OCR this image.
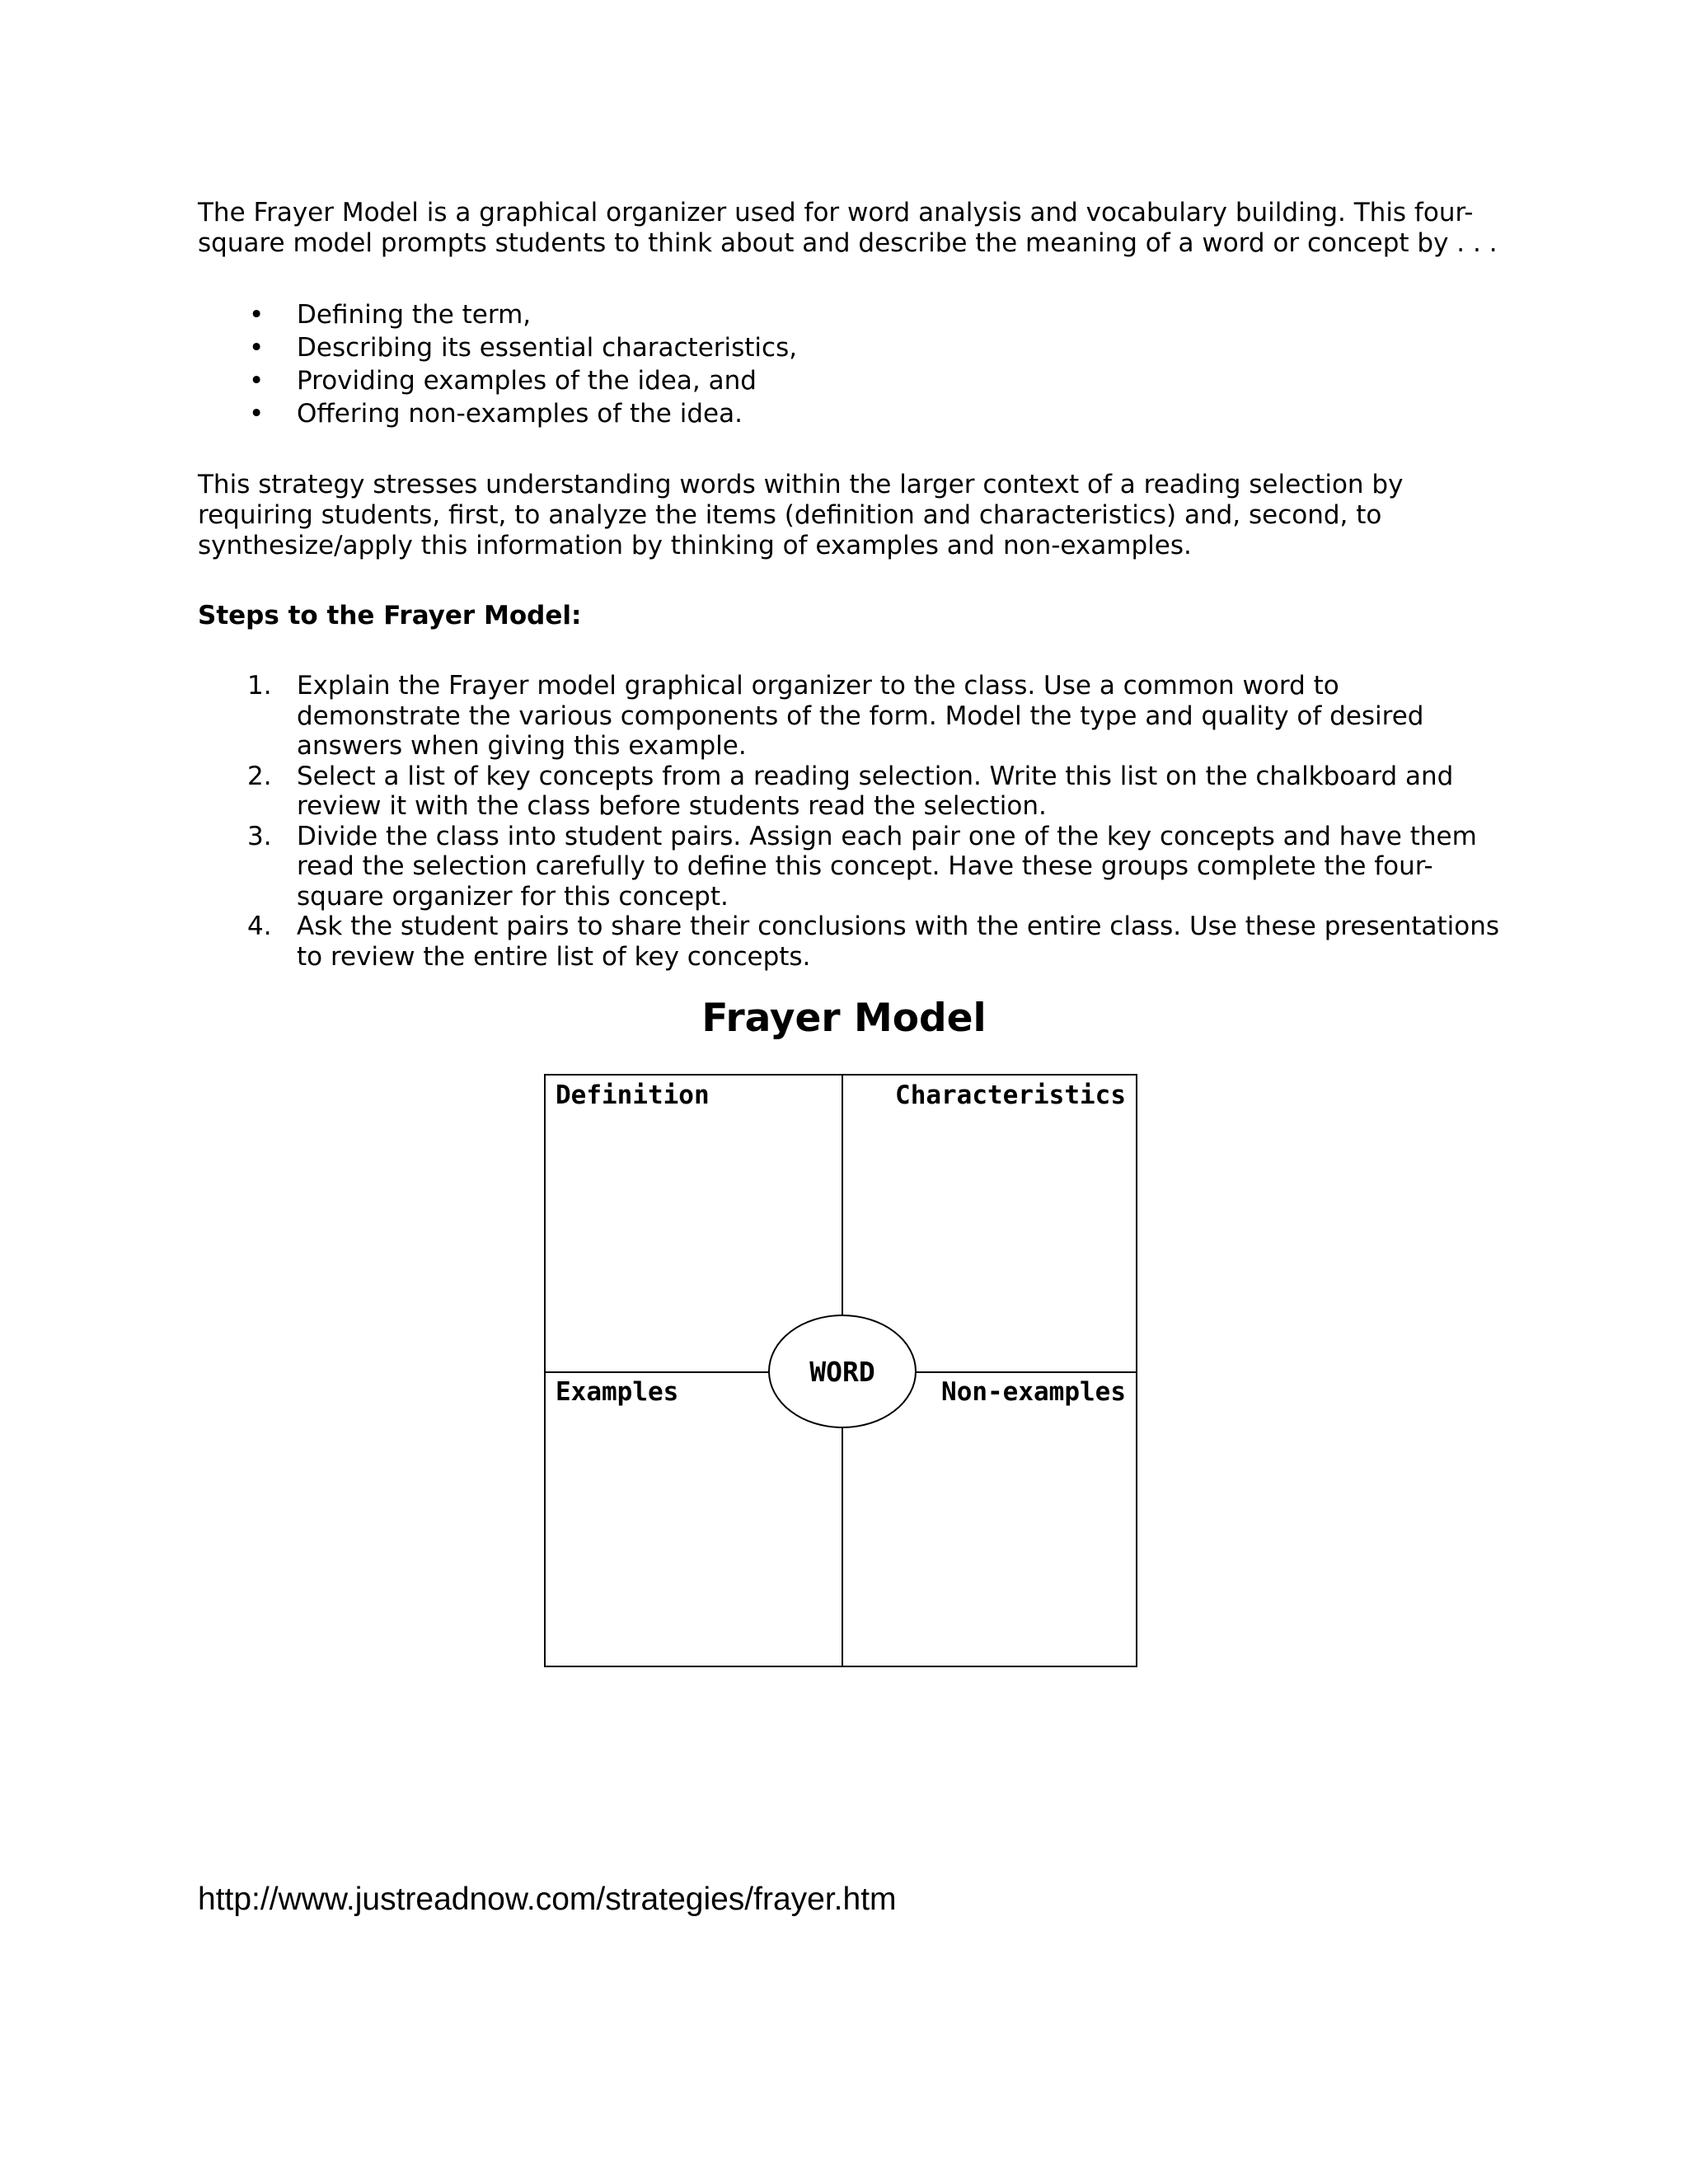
The Frayer Model is a graphical organizer used for word analysis and vocabulary building. This four-square model prompts students to think about and describe the meaning of a word or concept by . . .

• Defining the term,
• Describing its essential characteristics,
• Providing examples of the idea, and
• Offering non-examples of the idea.

This strategy stresses understanding words within the larger context of a reading selection by requiring students, first, to analyze the items (definition and characteristics) and, second, to synthesize/apply this information by thinking of examples and non-examples.

Steps to the Frayer Model:

1. Explain the Frayer model graphical organizer to the class. Use a common word to demonstrate the various components of the form. Model the type and quality of desired answers when giving this example.
2. Select a list of key concepts from a reading selection. Write this list on the chalkboard and review it with the class before students read the selection.
3. Divide the class into student pairs. Assign each pair one of the key concepts and have them read the selection carefully to define this concept. Have these groups complete the four-square organizer for this concept.
4. Ask the student pairs to share their conclusions with the entire class. Use these presentations to review the entire list of key concepts.
Frayer Model
Definition	Characteristics
Examples	Non-examples
WORD
http://www.justreadnow.com/strategies/frayer.htm
